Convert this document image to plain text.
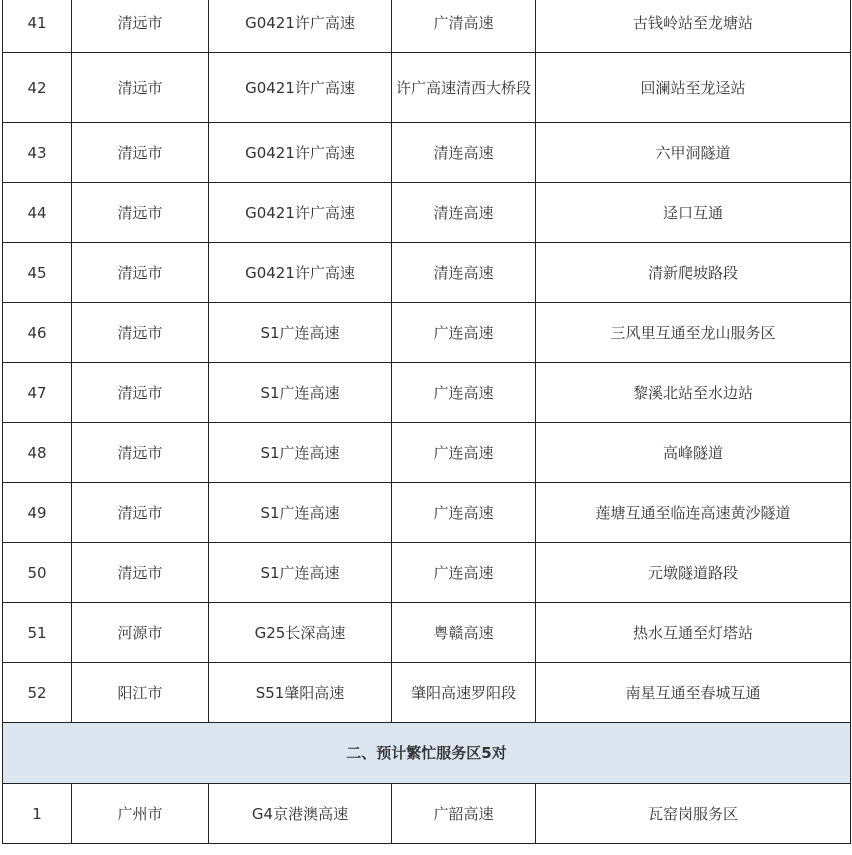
41	清远市	G0421许广高速	广清高速	古钱岭站至龙塘站
42	清远市	G0421许广高速	许广高速清西大桥段	回澜站至龙迳站
43	清远市	G0421许广高速	清连高速	六甲洞隧道
44	清远市	G0421许广高速	清连高速	迳口互通
45	清远市	G0421许广高速	清连高速	清新爬坡路段
46	清远市	S1广连高速	广连高速	三风里互通至龙山服务区
47	清远市	S1广连高速	广连高速	黎溪北站至水边站
48	清远市	S1广连高速	广连高速	高峰隧道
49	清远市	S1广连高速	广连高速	莲塘互通至临连高速黄沙隧道
50	清远市	S1广连高速	广连高速	元墩隧道路段
51	河源市	G25长深高速	粤赣高速	热水互通至灯塔站
52	阳江市	S51肇阳高速	肇阳高速罗阳段	南星互通至春城互通
二、预计繁忙服务区5对				
1	广州市	G4京港澳高速	广韶高速	瓦窑岗服务区
